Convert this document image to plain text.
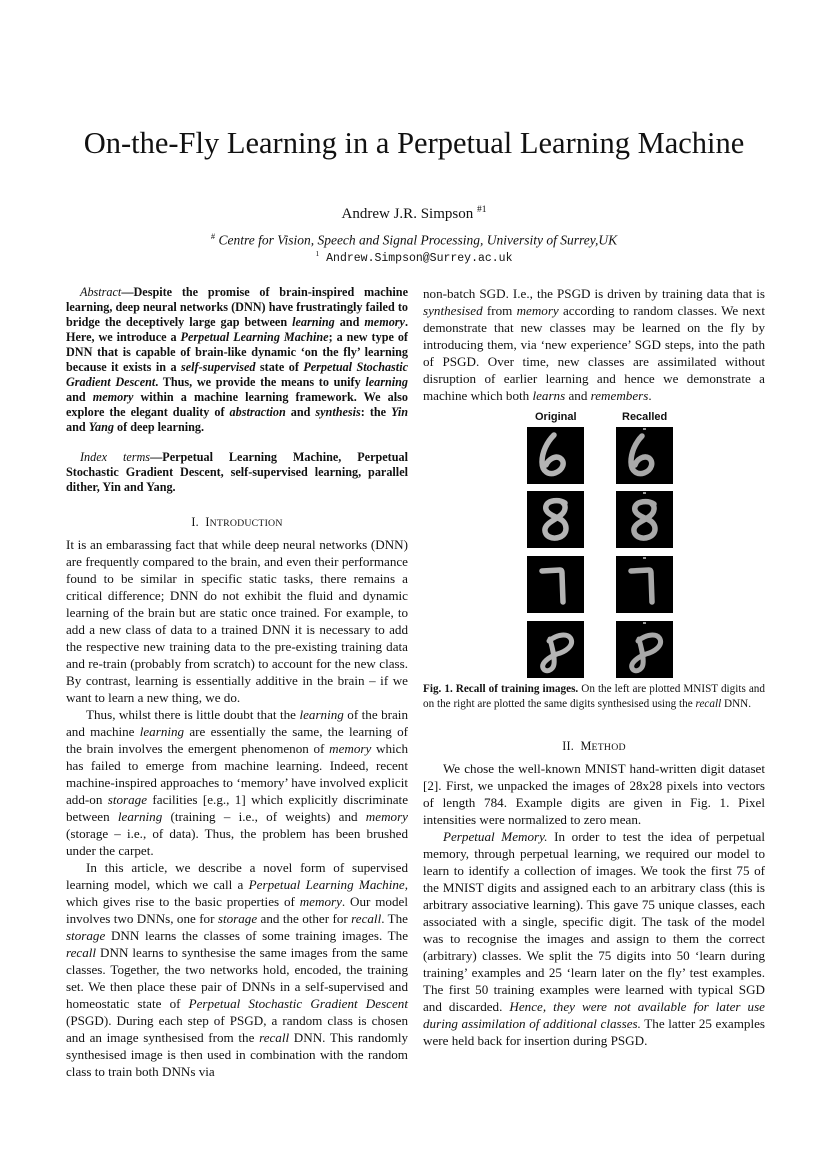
On-the-Fly Learning in a Perpetual Learning Machine
Andrew J.R. Simpson $^{\#1}$
# Centre for Vision, Speech and Signal Processing, University of Surrey,UK
$^1$ Andrew.Simpson@Surrey.ac.uk

Abstract—Despite the promise of brain-inspired machine learning, deep neural networks (DNN) have frustratingly failed to bridge the deceptively large gap between learning and memory. Here, we introduce a Perpetual Learning Machine; a new type of DNN that is capable of brain-like dynamic ‘on the fly’ learning because it exists in a self-supervised state of Perpetual Stochastic Gradient Descent. Thus, we provide the means to unify learning and memory within a machine learning framework. We also explore the elegant duality of abstraction and synthesis: the Yin and Yang of deep learning.

Index terms—Perpetual Learning Machine, Perpetual Stochastic Gradient Descent, self-supervised learning, parallel dither, Yin and Yang.

I. INTRODUCTION

It is an embarassing fact that while deep neural networks (DNN) are frequently compared to the brain, and even their performance found to be similar in specific static tasks, there remains a critical difference; DNN do not exhibit the fluid and dynamic learning of the brain but are static once trained. For example, to add a new class of data to a trained DNN it is necessary to add the respective new training data to the pre-existing training data and re-train (probably from scratch) to account for the new class. By contrast, learning is essentially additive in the brain – if we want to learn a new thing, we do.

Thus, whilst there is little doubt that the learning of the brain and machine learning are essentially the same, the learning of the brain involves the emergent phenomenon of memory which has failed to emerge from machine learning. Indeed, recent machine-inspired approaches to ‘memory’ have involved explicit add-on storage facilities [e.g., 1] which explicitly discriminate between learning (training – i.e., of weights) and memory (storage – i.e., of data). Thus, the problem has been brushed under the carpet.

In this article, we describe a novel form of supervised learning model, which we call a Perpetual Learning Machine, which gives rise to the basic properties of memory. Our model involves two DNNs, one for storage and the other for recall. The storage DNN learns the classes of some training images. The recall DNN learns to synthesise the same images from the same classes. Together, the two networks hold, encoded, the training set. We then place these pair of DNNs in a self-supervised and homeostatic state of Perpetual Stochastic Gradient Descent (PSGD). During each step of PSGD, a random class is chosen and an image synthesised from the recall DNN. This randomly synthesised image is then used in combination with the random class to train both DNNs via

non-batch SGD. I.e., the PSGD is driven by training data that is synthesised from memory according to random classes. We next demonstrate that new classes may be learned on the fly by introducing them, via ‘new experience’ SGD steps, into the path of PSGD. Over time, new classes are assimilated without disruption of earlier learning and hence we demonstrate a machine which both learns and remembers.

Original	Recalled

Fig. 1. Recall of training images. On the left are plotted MNIST digits and on the right are plotted the same digits synthesised using the recall DNN.

II. METHOD

We chose the well-known MNIST hand-written digit dataset [2]. First, we unpacked the images of 28x28 pixels into vectors of length 784. Example digits are given in Fig. 1. Pixel intensities were normalized to zero mean.

Perpetual Memory. In order to test the idea of perpetual memory, through perpetual learning, we required our model to learn to identify a collection of images. We took the first 75 of the MNIST digits and assigned each to an arbitrary class (this is arbitrary associative learning). This gave 75 unique classes, each associated with a single, specific digit. The task of the model was to recognise the images and assign to them the correct (arbitrary) classes. We split the 75 digits into 50 ‘learn during training’ examples and 25 ‘learn later on the fly’ test examples. The first 50 training examples were learned with typical SGD and discarded. Hence, they were not available for later use during assimilation of additional classes. The latter 25 examples were held back for insertion during PSGD.
